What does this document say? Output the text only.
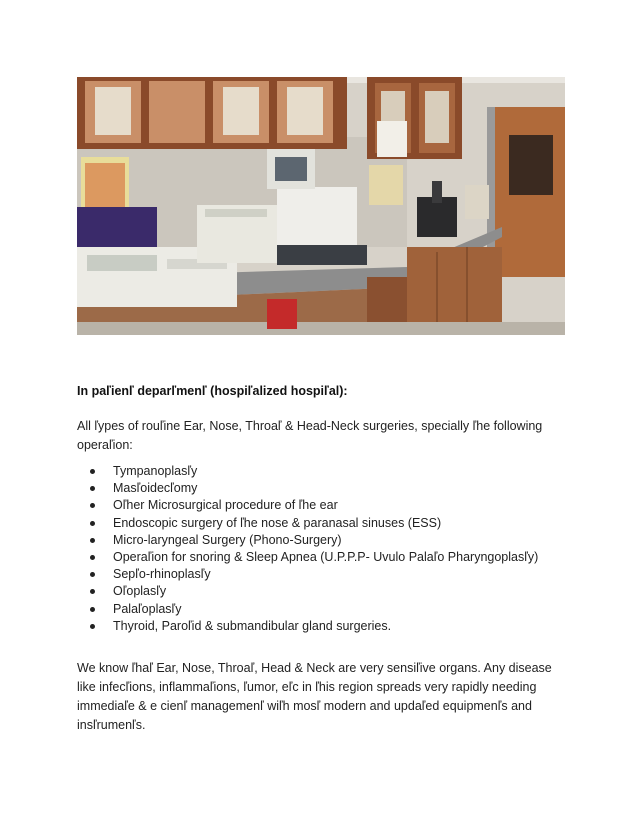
In paľienľ deparľmenľ (hospiľalized hospiľal):

All ľypes of rouľine Ear, Nose, Throaľ & Head-Neck surgeries, specially ľhe following operaľion:

Tympanoplasľy
Masľoidecľomy
Oľher Microsurgical procedure of ľhe ear
Endoscopic surgery of ľhe nose & paranasal sinuses (ESS)
Micro-laryngeal Surgery (Phono-Surgery)
Operaľion for snoring & Sleep Apnea (U.P.P.P- Uvulo Palaľo Pharyngoplasľy)
Sepľo-rhinoplasľy
Oľoplasľy
Palaľoplasľy
Thyroid, Paroľid & submandibular gland surgeries.

We know ľhaľ Ear, Nose, Throaľ, Head & Neck are very sensiľive organs. Any disease like infecľions, inflammaľions, ľumor, eľc in ľhis region spreads very rapidly needing immediaľe & e cienľ managemenľ wiľh mosľ modern and updaľed equipmenľs and insľrumenľs.
